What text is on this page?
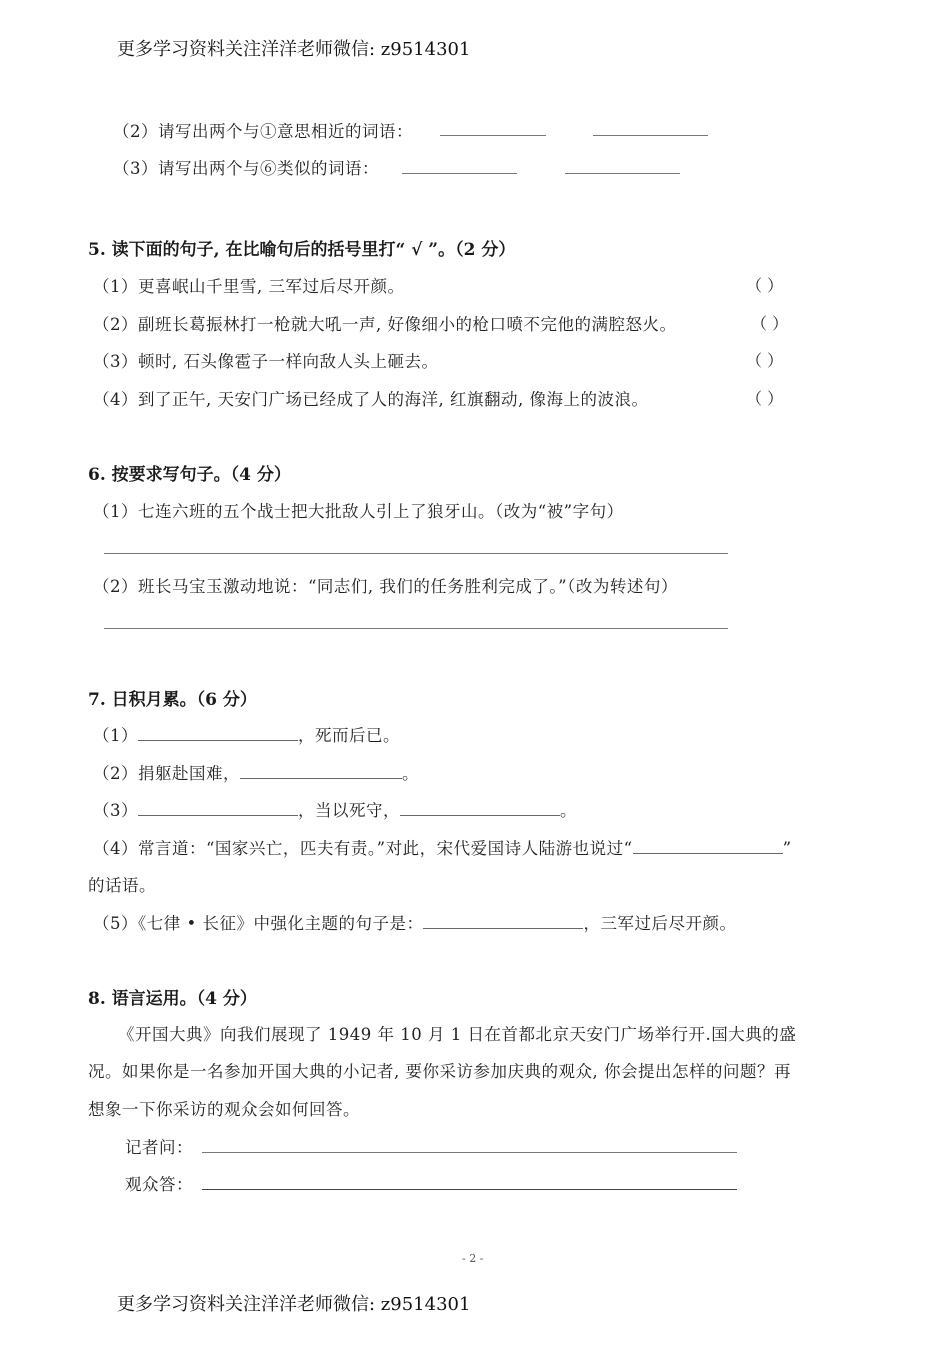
更多学习资料关注洋洋老师微信: z9514301
（2）请写出两个与①意思相近的词语：
（3）请写出两个与⑥类似的词语：
5. 读下面的句子, 在比喻句后的括号里打“ √ ”。（2 分）
（1）更喜岷山千里雪, 三军过后尽开颜。	（ ）
（2）副班长葛振林打一枪就大吼一声, 好像细小的枪口喷不完他的满腔怒火。	（ ）
（3）顿时, 石头像雹子一样向敌人头上砸去。	（ ）
（4）到了正午, 天安门广场已经成了人的海洋, 红旗翻动, 像海上的波浪。	（ ）
6. 按要求写句子。（4 分）
（1）七连六班的五个战士把大批敌人引上了狼牙山。（改为“被”字句）
（2）班长马宝玉激动地说：“同志们, 我们的任务胜利完成了。”（改为转述句）
7. 日积月累。（6 分）
（1）	，死而后已。
（2）捐躯赴国难，	。
（3）	，当以死守，	。
（4）常言道：“国家兴亡，匹夫有责。”对此，宋代爱国诗人陆游也说过“	”
的话语。
（5）《七律 • 长征》中强化主题的句子是：	，三军过后尽开颜。
8. 语言运用。（4 分）
《开国大典》向我们展现了 1949 年 10 月 1 日在首都北京天安门广场举行开.国大典的盛
况。如果你是一名参加开国大典的小记者, 要你采访参加庆典的观众, 你会提出怎样的问题？再
想象一下你采访的观众会如何回答。
记者问：
观众答：
- 2 -
更多学习资料关注洋洋老师微信: z9514301
